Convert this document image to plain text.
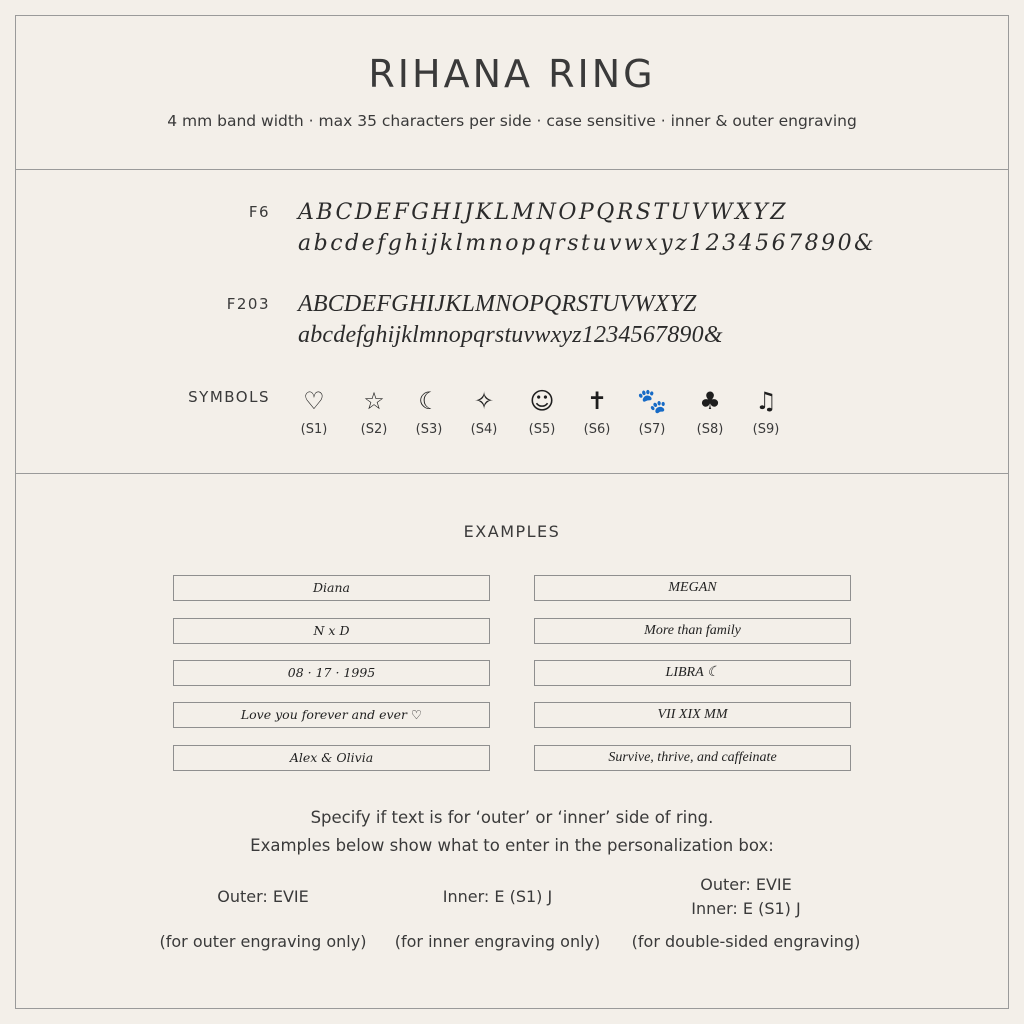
RIHANA RING
4 mm band width · max 35 characters per side · case sensitive · inner & outer engraving
F6 ABCDEFGHIJKLMNOPQRSTUVWXYZ
abcdefghijklmnopqrstuvwxyz1234567890&
F203 ABCDEFGHIJKLMNOPQRSTUVWXYZ
abcdefghijklmnopqrstuvwxyz1234567890&
SYMBOLS	♡
(S1)
☆
(S2)
☾
(S3)
✧
(S4)
☺
(S5)
✝
(S6)
🐾
(S7)
♣
(S8)
♫
(S9)
EXAMPLES
Diana
N x D
08 · 17 · 1995
Love you forever and ever ♡
Alex & Olivia
MEGAN
More than family
LIBRA ☾
VII XIX MM
Survive, thrive, and caffeinate
Specify if text is for ‘outer’ or ‘inner’ side of ring.
Examples below show what to enter in the personalization box:
Outer: EVIE
(for outer engraving only)
Inner: E (S1) J
(for inner engraving only)
Outer: EVIE
Inner: E (S1) J
(for double-sided engraving)
